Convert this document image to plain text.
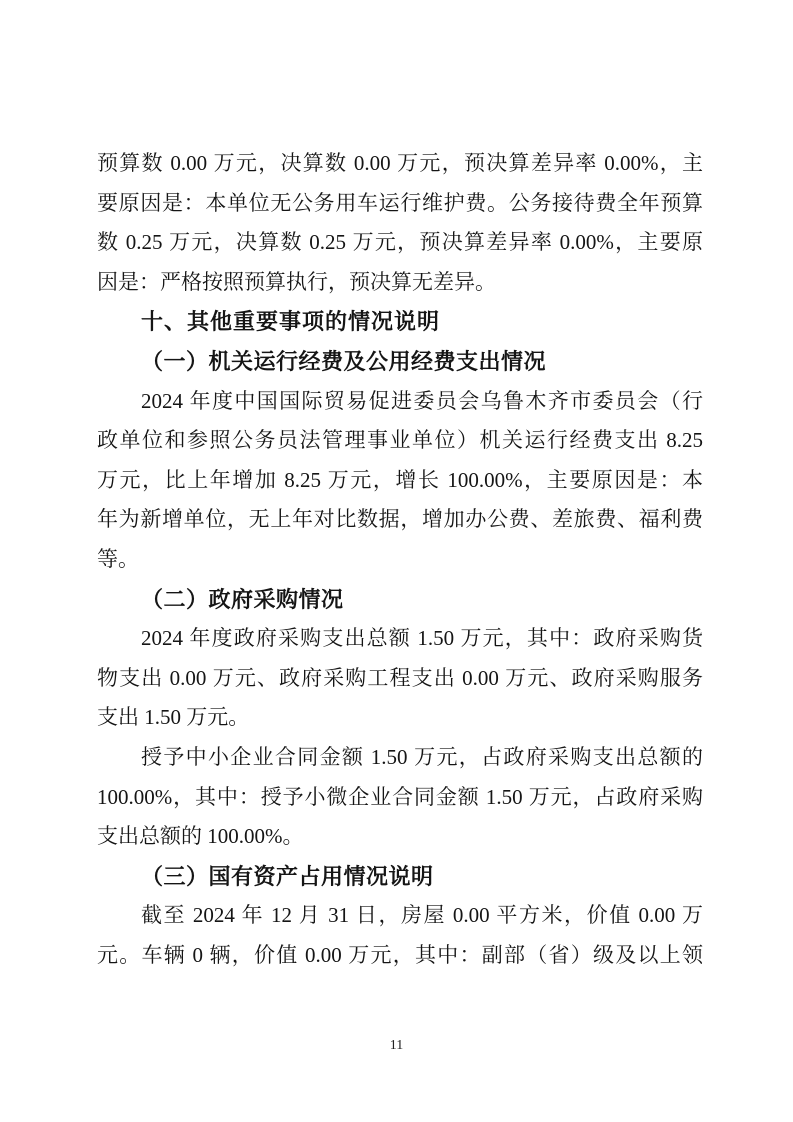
预算数 0.00 万元，决算数 0.00 万元，预决算差异率 0.00%，主
要原因是：本单位无公务用车运行维护费。公务接待费全年预算
数 0.25 万元，决算数 0.25 万元，预决算差异率 0.00%，主要原
因是：严格按照预算执行，预决算无差异。
十、其他重要事项的情况说明
（一）机关运行经费及公用经费支出情况
2024 年度中国国际贸易促进委员会乌鲁木齐市委员会（行
政单位和参照公务员法管理事业单位）机关运行经费支出 8.25
万元，比上年增加 8.25 万元，增长 100.00%，主要原因是：本
年为新增单位，无上年对比数据，增加办公费、差旅费、福利费
等。
（二）政府采购情况
2024 年度政府采购支出总额 1.50 万元，其中：政府采购货
物支出 0.00 万元、政府采购工程支出 0.00 万元、政府采购服务
支出 1.50 万元。
授予中小企业合同金额 1.50 万元，占政府采购支出总额的
100.00%，其中：授予小微企业合同金额 1.50 万元，占政府采购
支出总额的 100.00%。
（三）国有资产占用情况说明
截至 2024 年 12 月 31 日，房屋 0.00 平方米，价值 0.00 万
元。车辆 0 辆，价值 0.00 万元，其中：副部（省）级及以上领
11
